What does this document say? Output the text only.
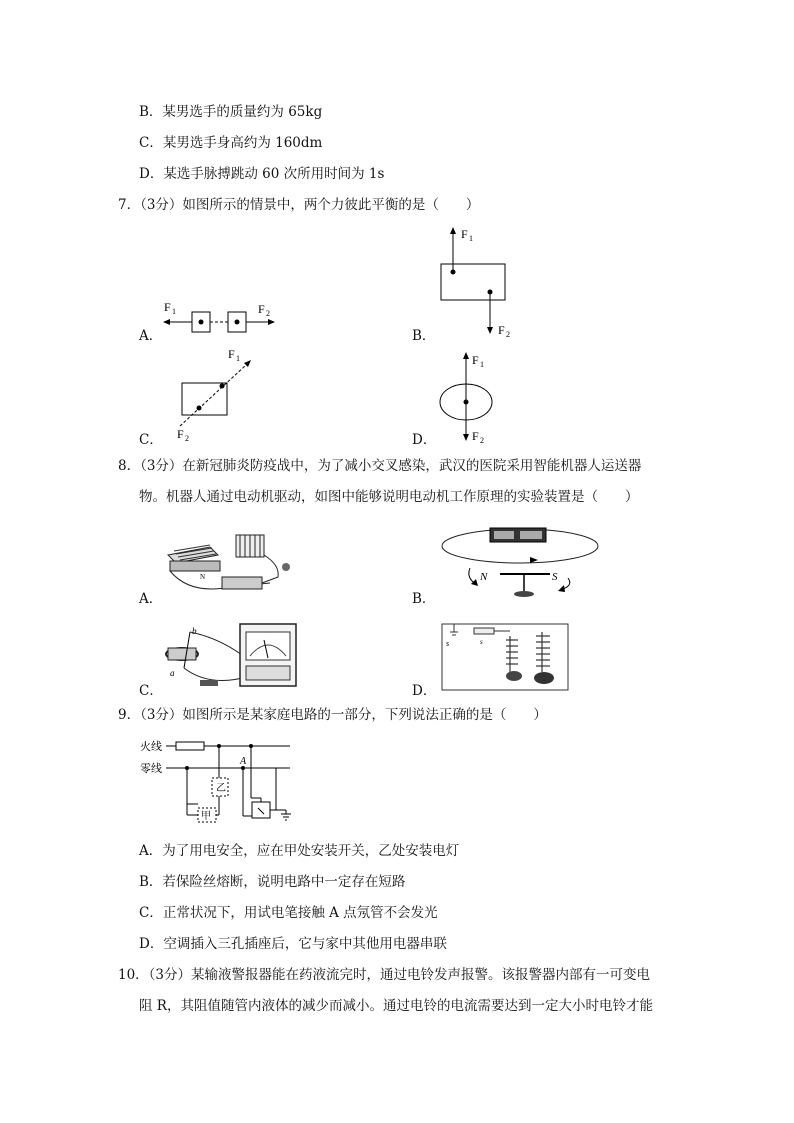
B．某男选手的质量约为 65kg
C．某男选手身高约为 160dm
D．某选手脉搏跳动 60 次所用时间为 1s
7．（3分）如图所示的情景中，两个力彼此平衡的是（　　）
A．	B．
C．	D．
F 1	F 2
F 1
F 2
F 1
F 2
F 1
F 2
8．（3分）在新冠肺炎防疫战中，为了减小交叉感染，武汉的医院采用智能机器人运送器
物。机器人通过电动机驱动，如图中能够说明电动机工作原理的实验装置是（　　）
A．	B．
C．	D．
N	N	S
b
a
s	s
9．（3分）如图所示是某家庭电路的一部分，下列说法正确的是（　　）
火线
零线
A
乙
甲
A．为了用电安全，应在甲处安装开关，乙处安装电灯
B．若保险丝熔断，说明电路中一定存在短路
C．正常状况下，用试电笔接触 A 点氖管不会发光
D．空调插入三孔插座后，它与家中其他用电器串联
10．（3分）某输液警报器能在药液流完时，通过电铃发声报警。该报警器内部有一可变电
阻 R，其阻值随管内液体的减少而减小。通过电铃的电流需要达到一定大小时电铃才能
